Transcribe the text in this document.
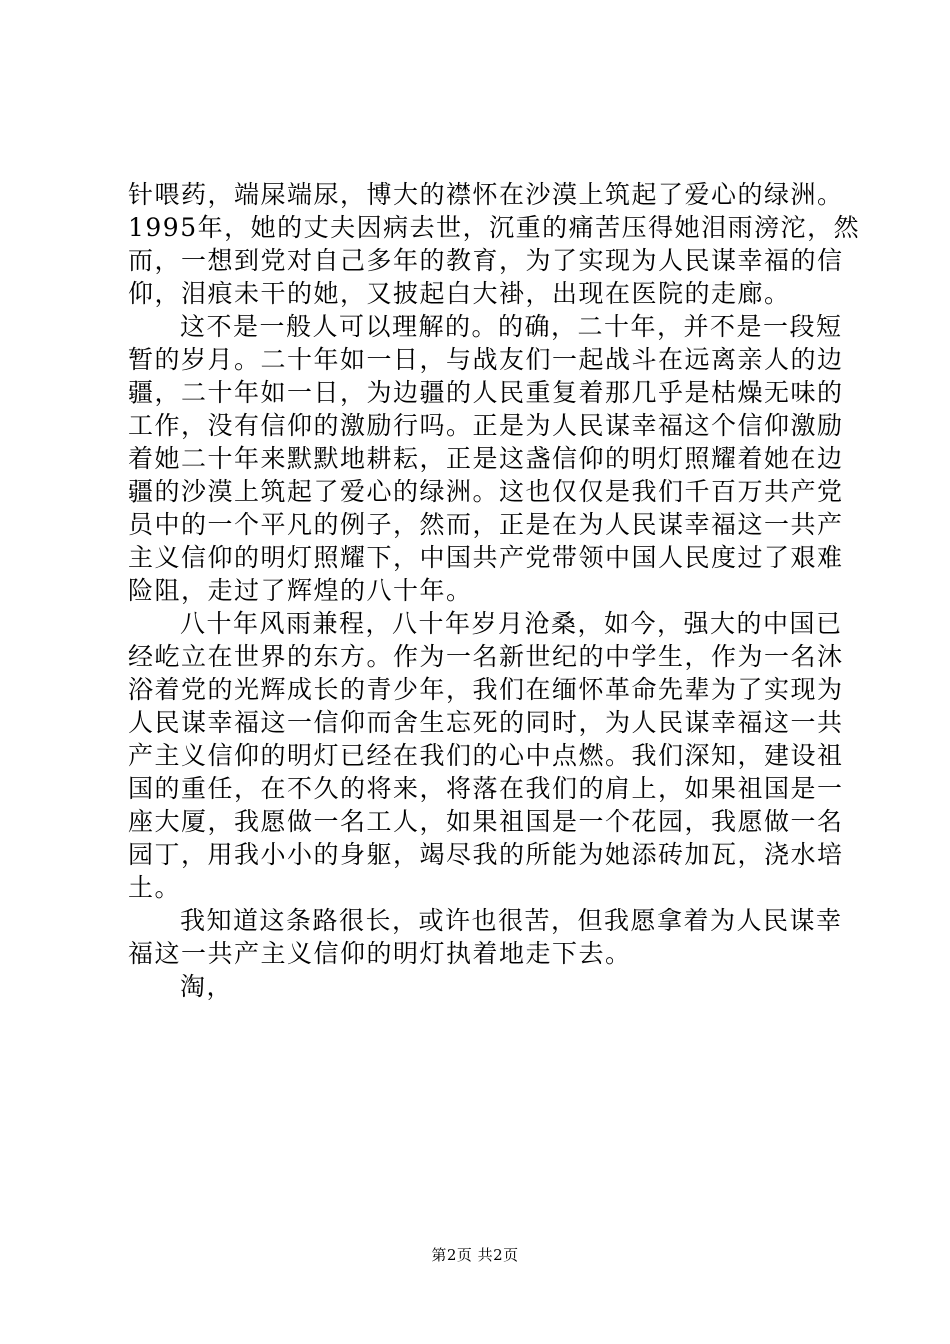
针喂药，端屎端尿，博大的襟怀在沙漠上筑起了爱心的绿洲。
1995年，她的丈夫因病去世，沉重的痛苦压得她泪雨滂沱，然
而，一想到党对自己多年的教育，为了实现为人民谋幸福的信
仰，泪痕未干的她，又披起白大褂，出现在医院的走廊。
这不是一般人可以理解的。的确，二十年，并不是一段短
暂的岁月。二十年如一日，与战友们一起战斗在远离亲人的边
疆，二十年如一日，为边疆的人民重复着那几乎是枯燥无味的
工作，没有信仰的激励行吗。正是为人民谋幸福这个信仰激励
着她二十年来默默地耕耘，正是这盏信仰的明灯照耀着她在边
疆的沙漠上筑起了爱心的绿洲。这也仅仅是我们千百万共产党
员中的一个平凡的例子，然而，正是在为人民谋幸福这一共产
主义信仰的明灯照耀下，中国共产党带领中国人民度过了艰难
险阻，走过了辉煌的八十年。
八十年风雨兼程，八十年岁月沧桑，如今，强大的中国已
经屹立在世界的东方。作为一名新世纪的中学生，作为一名沐
浴着党的光辉成长的青少年，我们在缅怀革命先辈为了实现为
人民谋幸福这一信仰而舍生忘死的同时，为人民谋幸福这一共
产主义信仰的明灯已经在我们的心中点燃。我们深知，建设祖
国的重任，在不久的将来，将落在我们的肩上，如果祖国是一
座大厦，我愿做一名工人，如果祖国是一个花园，我愿做一名
园丁，用我小小的身躯，竭尽我的所能为她添砖加瓦，浇水培
土。
我知道这条路很长，或许也很苦，但我愿拿着为人民谋幸
福这一共产主义信仰的明灯执着地走下去。
淘，
第2页 共2页
